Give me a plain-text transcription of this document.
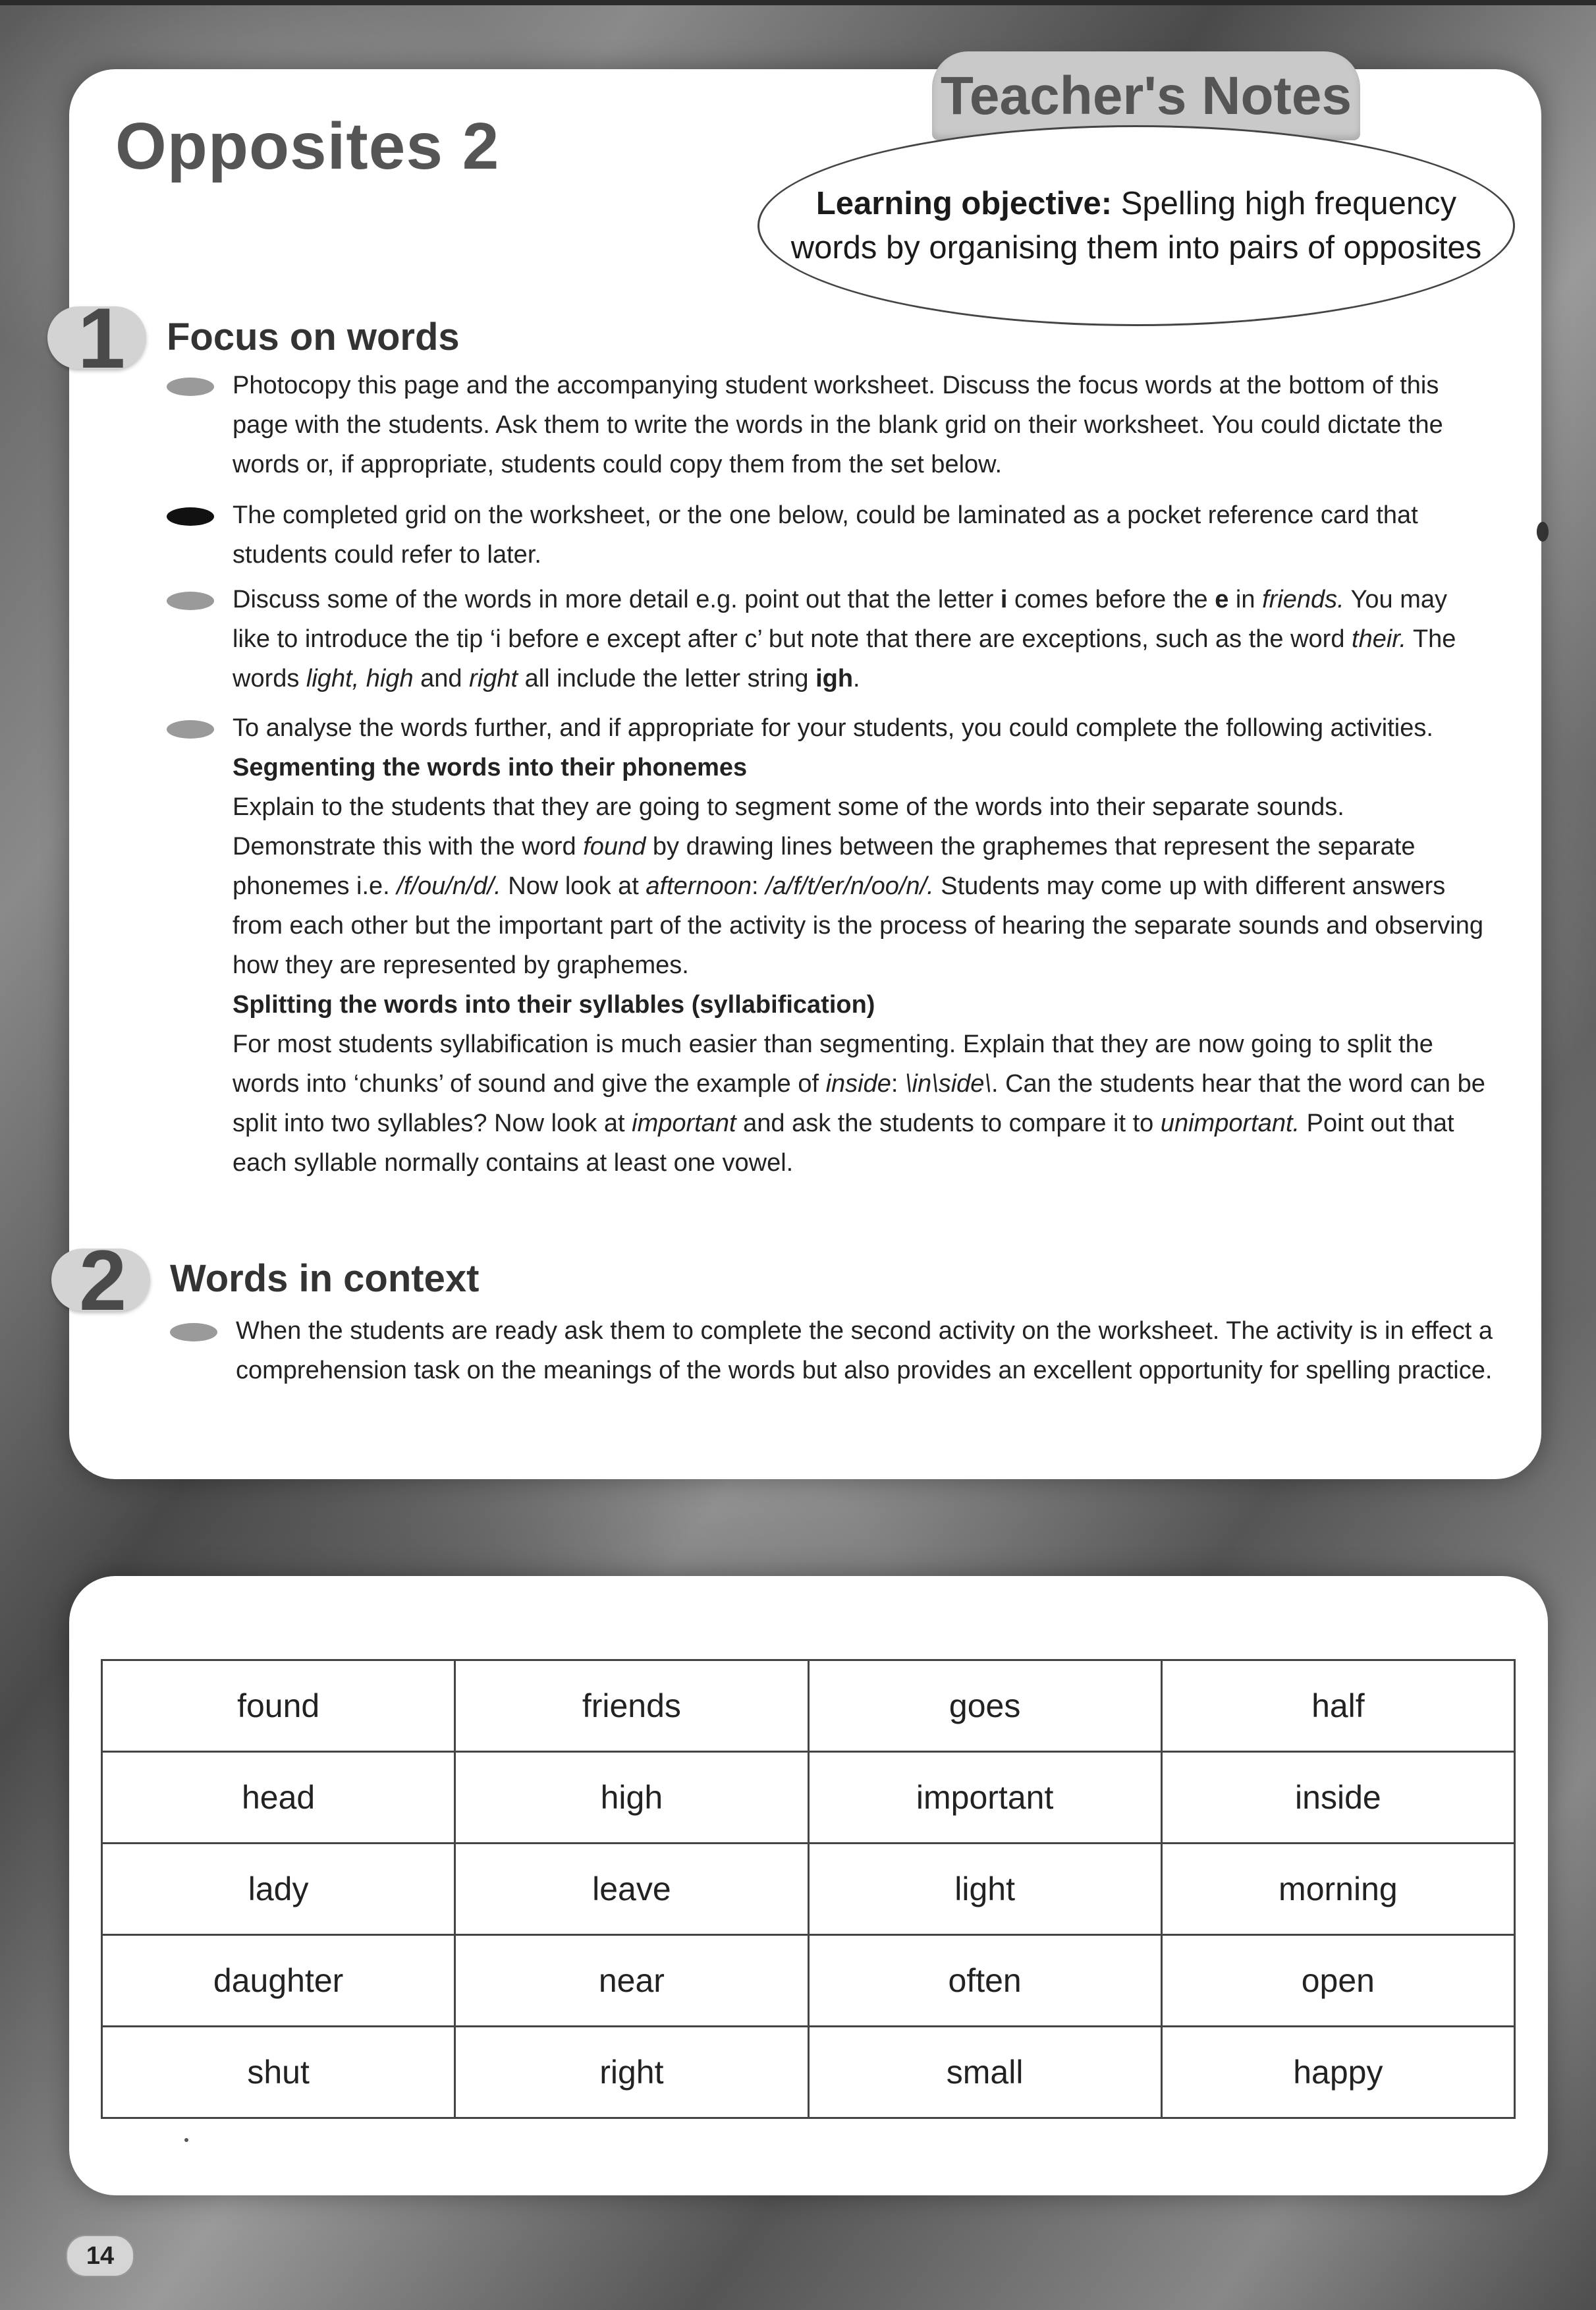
Opposites 2
Teacher's Notes

Learning objective: Spelling high frequency words by organising them into pairs of opposites

1 Focus on words

Photocopy this page and the accompanying student worksheet. Discuss the focus words at the bottom of this page with the students. Ask them to write the words in the blank grid on their worksheet. You could dictate the words or, if appropriate, students could copy them from the set below.

The completed grid on the worksheet, or the one below, could be laminated as a pocket reference card that students could refer to later.

Discuss some of the words in more detail e.g. point out that the letter i comes before the e in friends. You may like to introduce the tip ‘i before e except after c’ but note that there are exceptions, such as the word their. The words light, high and right all include the letter string igh.

To analyse the words further, and if appropriate for your students, you could complete the following activities.

Segmenting the words into their phonemes

Explain to the students that they are going to segment some of the words into their separate sounds. Demonstrate this with the word found by drawing lines between the graphemes that represent the separate phonemes i.e. /f/ou/n/d/. Now look at afternoon: /a/f/t/er/n/oo/n/. Students may come up with different answers from each other but the important part of the activity is the process of hearing the separate sounds and observing how they are represented by graphemes.

Splitting the words into their syllables (syllabification)

For most students syllabification is much easier than segmenting. Explain that they are now going to split the words into ‘chunks’ of sound and give the example of inside: \in\side\. Can the students hear that the word can be split into two syllables? Now look at important and ask the students to compare it to unimportant. Point out that each syllable normally contains at least one vowel.

2 Words in context

When the students are ready ask them to complete the second activity on the worksheet. The activity is in effect a comprehension task on the meanings of the words but also provides an excellent opportunity for spelling practice.

found	friends	goes	half
head	high	important	inside
lady	leave	light	morning
daughter	near	often	open
shut	right	small	happy
14
